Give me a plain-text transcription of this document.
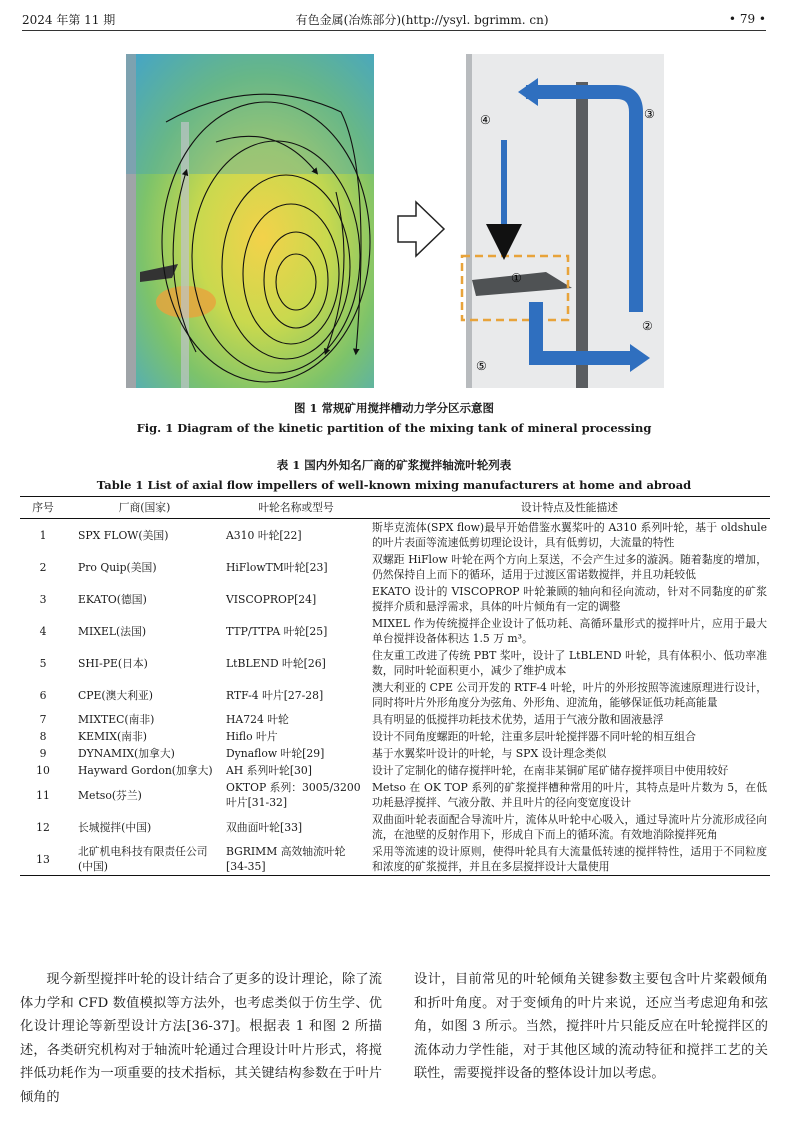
2024 年第 11 期	有色金属(冶炼部分)(http://ysyl. bgrimm. cn)	• 79 •
①
②
③
④
⑤
图 1 常规矿用搅拌槽动力学分区示意图
Fig. 1 Diagram of the kinetic partition of the mixing tank of mineral processing
表 1 国内外知名厂商的矿浆搅拌轴流叶轮列表
Table 1 List of axial flow impellers of well-known mixing manufacturers at home and abroad
序号	厂商(国家)	叶轮名称或型号	设计特点及性能描述
1	SPX FLOW(美国)	A310 叶轮[22]	斯毕克流体(SPX flow)最早开始借鉴水翼桨叶的 A310 系列叶轮，基于 oldshule 的叶片表面等流速低剪切理论设计，具有低剪切，大流量的特性
2	Pro Quip(美国)	HiFlowTM叶轮[23]	双螺距 HiFlow 叶轮在两个方向上泵送，不会产生过多的漩涡。随着黏度的增加，仍然保持自上而下的循环，适用于过渡区雷诺数搅拌，并且功耗较低
3	EKATO(德国)	VISCOPROP[24]	EKATO 设计的 VISCOPROP 叶轮兼顾的轴向和径向流动，针对不同黏度的矿浆搅拌介质和悬浮需求，具体的叶片倾角有一定的调整
4	MIXEL(法国)	TTP/TTPA 叶轮[25]	MIXEL 作为传统搅拌企业设计了低功耗、高循环量形式的搅拌叶片，应用于最大单台搅拌设备体积达 1.5 万 m³。
5	SHI-PE(日本)	LtBLEND 叶轮[26]	住友重工改进了传统 PBT 桨叶，设计了 LtBLEND 叶轮，具有体积小、低功率准数，同时叶轮面积更小，减少了维护成本
6	CPE(澳大利亚)	RTF-4 叶片[27-28]	澳大利亚的 CPE 公司开发的 RTF-4 叶轮，叶片的外形按照等流速原理进行设计，同时将叶片外形角度分为弦角、外形角、迎流角，能够保证低功耗高能量
7	MIXTEC(南非)	HA724 叶轮	具有明显的低搅拌功耗技术优势，适用于气液分散和固液悬浮
8	KEMIX(南非)	Hiflo 叶片	设计不同角度螺距的叶轮，注重多层叶轮搅拌器不同叶轮的相互组合
9	DYNAMIX(加拿大)	Dynaflow 叶轮[29]	基于水翼桨叶设计的叶轮，与 SPX 设计理念类似
10	Hayward Gordon(加拿大)	AH 系列叶轮[30]	设计了定制化的储存搅拌叶轮，在南非某铜矿尾矿储存搅拌项目中使用较好
11	Metso(芬兰)	OKTOP 系列：3005/3200 叶片[31-32]	Metso 在 OK TOP 系列的矿浆搅拌槽种常用的叶片，其特点是叶片数为 5，在低功耗悬浮搅拌、气液分散、并且叶片的径向变宽度设计
12	长城搅拌(中国)	双曲面叶轮[33]	双曲面叶轮表面配合导流叶片，流体从叶轮中心吸入，通过导流叶片分流形成径向流，在池壁的反射作用下，形成自下而上的循环流。有效地消除搅拌死角
13	北矿机电科技有限责任公司(中国)	BGRIMM 高效轴流叶轮[34-35]	采用等流速的设计原则，使得叶轮具有大流量低转速的搅拌特性，适用于不同粒度和浓度的矿浆搅拌，并且在多层搅拌设计大量使用
现今新型搅拌叶轮的设计结合了更多的设计理论，除了流体力学和 CFD 数值模拟等方法外，也考虑类似于仿生学、优化设计理论等新型设计方法[36-37]。根据表 1 和图 2 所描述，各类研究机构对于轴流叶轮通过合理设计叶片形式，将搅拌低功耗作为一项重要的技术指标，其关键结构参数在于叶片倾角的
设计，目前常见的叶轮倾角关键参数主要包含叶片桨毂倾角和折叶角度。对于变倾角的叶片来说，还应当考虑迎角和弦角，如图 3 所示。当然，搅拌叶片只能反应在叶轮搅拌区的流体动力学性能，对于其他区域的流动特征和搅拌工艺的关联性，需要搅拌设备的整体设计加以考虑。
